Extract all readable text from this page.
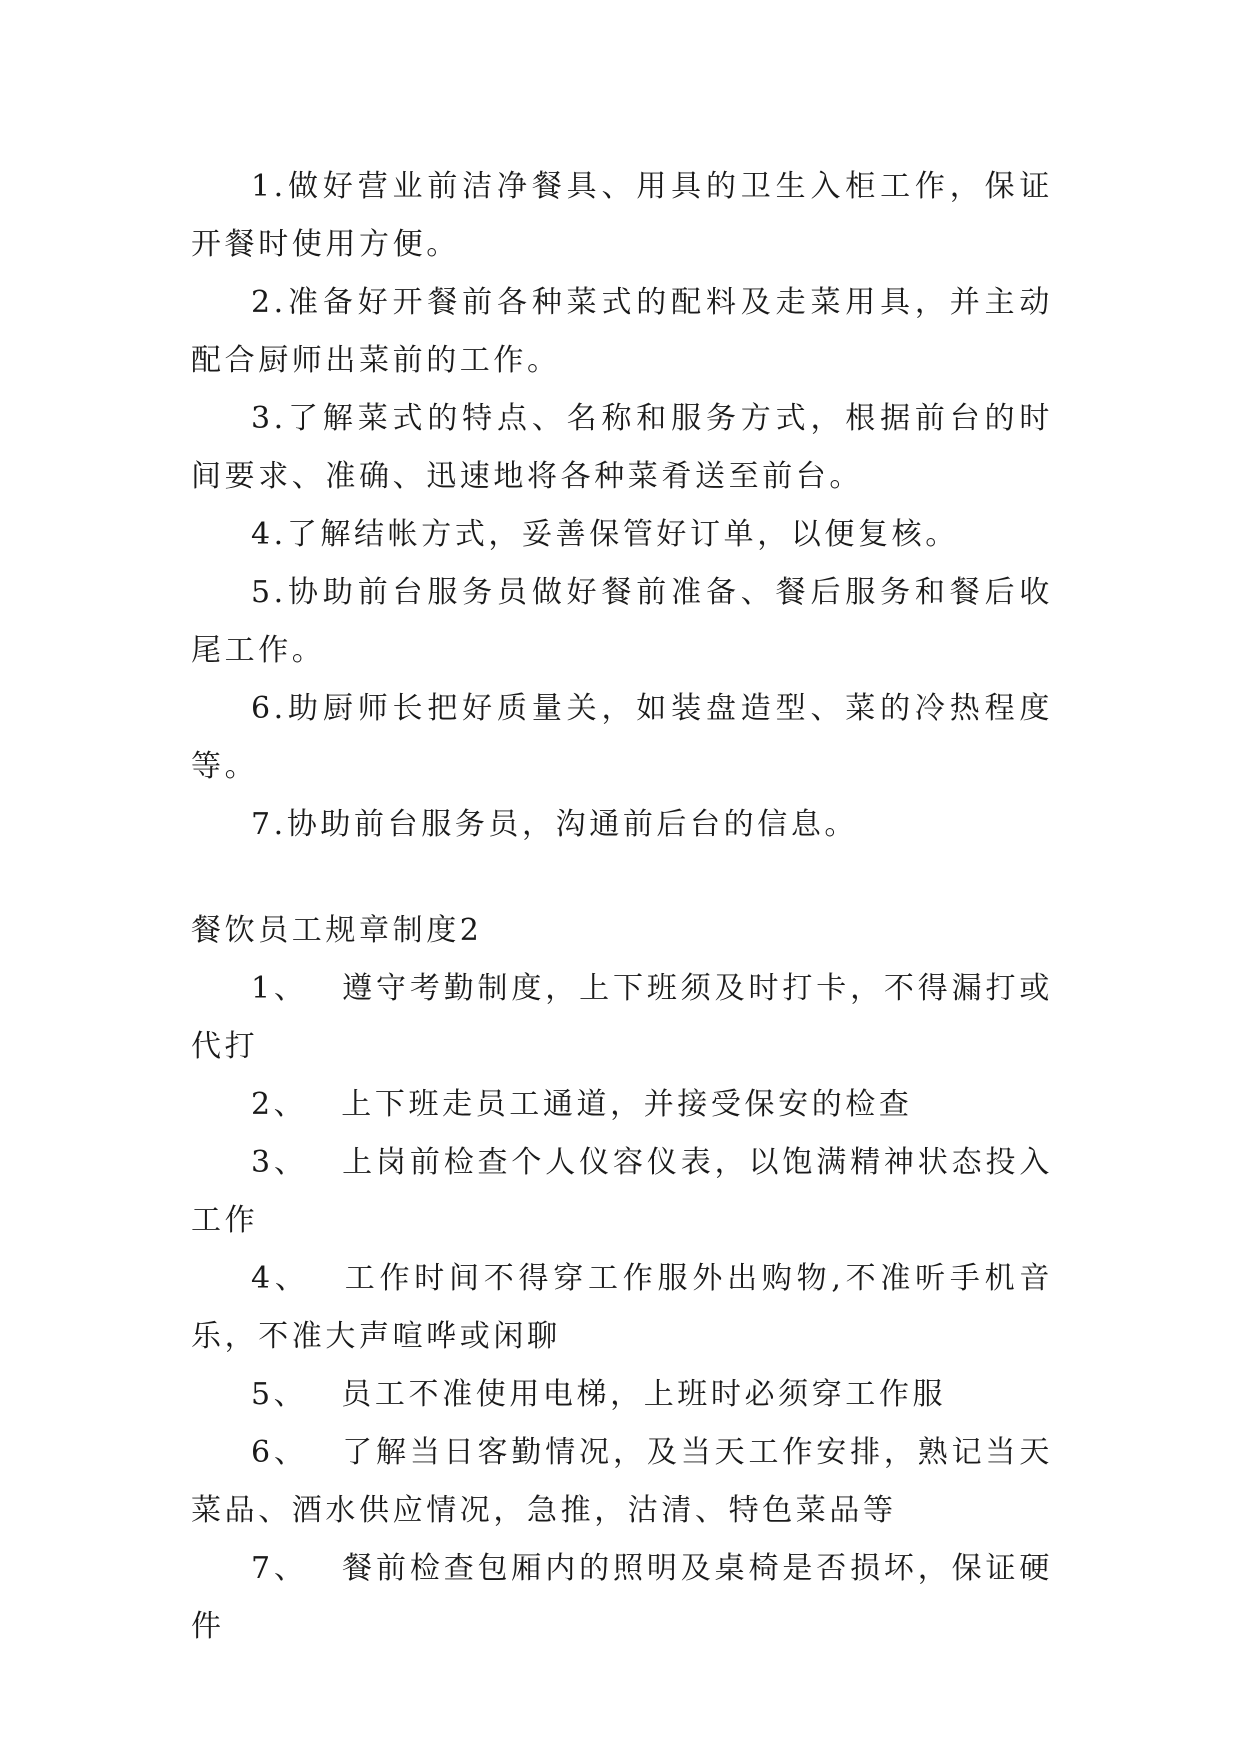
1.做好营业前洁净餐具、用具的卫生入柜工作，保证开餐时使用方便。

2.准备好开餐前各种菜式的配料及走菜用具，并主动配合厨师出菜前的工作。

3.了解菜式的特点、名称和服务方式，根据前台的时间要求、准确、迅速地将各种菜肴送至前台。

4.了解结帐方式，妥善保管好订单，以便复核。

5.协助前台服务员做好餐前准备、餐后服务和餐后收尾工作。

6.助厨师长把好质量关，如装盘造型、菜的冷热程度等。

7.协助前台服务员，沟通前后台的信息。

餐饮员工规章制度2

1、 遵守考勤制度，上下班须及时打卡，不得漏打或代打

2、 上下班走员工通道，并接受保安的检查

3、 上岗前检查个人仪容仪表，以饱满精神状态投入工作

4、 工作时间不得穿工作服外出购物,不准听手机音乐，不准大声喧哗或闲聊

5、 员工不准使用电梯，上班时必须穿工作服

6、 了解当日客勤情况，及当天工作安排，熟记当天菜品、酒水供应情况，急推，沽清、特色菜品等

7、 餐前检查包厢内的照明及桌椅是否损坏，保证硬件
